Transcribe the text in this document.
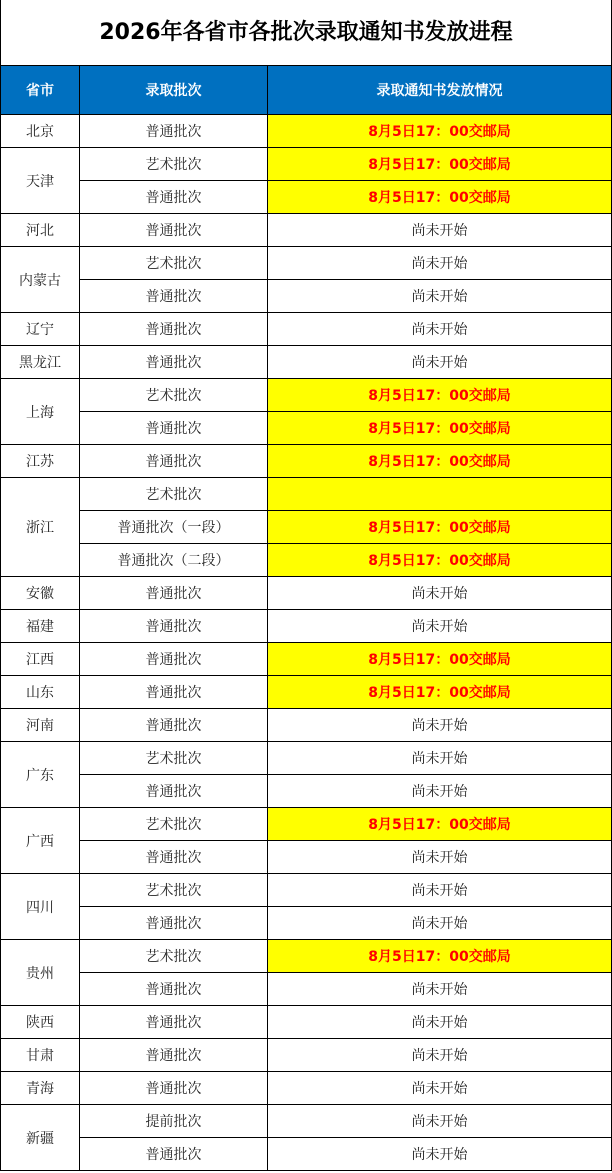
2026年各省市各批次录取通知书发放进程
省市	录取批次	录取通知书发放情况
北京	普通批次	8月5日17：00交邮局
天津	艺术批次	8月5日17：00交邮局
	普通批次	8月5日17：00交邮局
河北	普通批次	尚未开始
内蒙古	艺术批次	尚未开始
	普通批次	尚未开始
辽宁	普通批次	尚未开始
黑龙江	普通批次	尚未开始
上海	艺术批次	8月5日17：00交邮局
	普通批次	8月5日17：00交邮局
江苏	普通批次	8月5日17：00交邮局
浙江	艺术批次	
	普通批次（一段）	8月5日17：00交邮局
	普通批次（二段）	8月5日17：00交邮局
安徽	普通批次	尚未开始
福建	普通批次	尚未开始
江西	普通批次	8月5日17：00交邮局
山东	普通批次	8月5日17：00交邮局
河南	普通批次	尚未开始
广东	艺术批次	尚未开始
	普通批次	尚未开始
广西	艺术批次	8月5日17：00交邮局
	普通批次	尚未开始
四川	艺术批次	尚未开始
	普通批次	尚未开始
贵州	艺术批次	8月5日17：00交邮局
	普通批次	尚未开始
陕西	普通批次	尚未开始
甘肃	普通批次	尚未开始
青海	普通批次	尚未开始
新疆	提前批次	尚未开始
	普通批次	尚未开始
